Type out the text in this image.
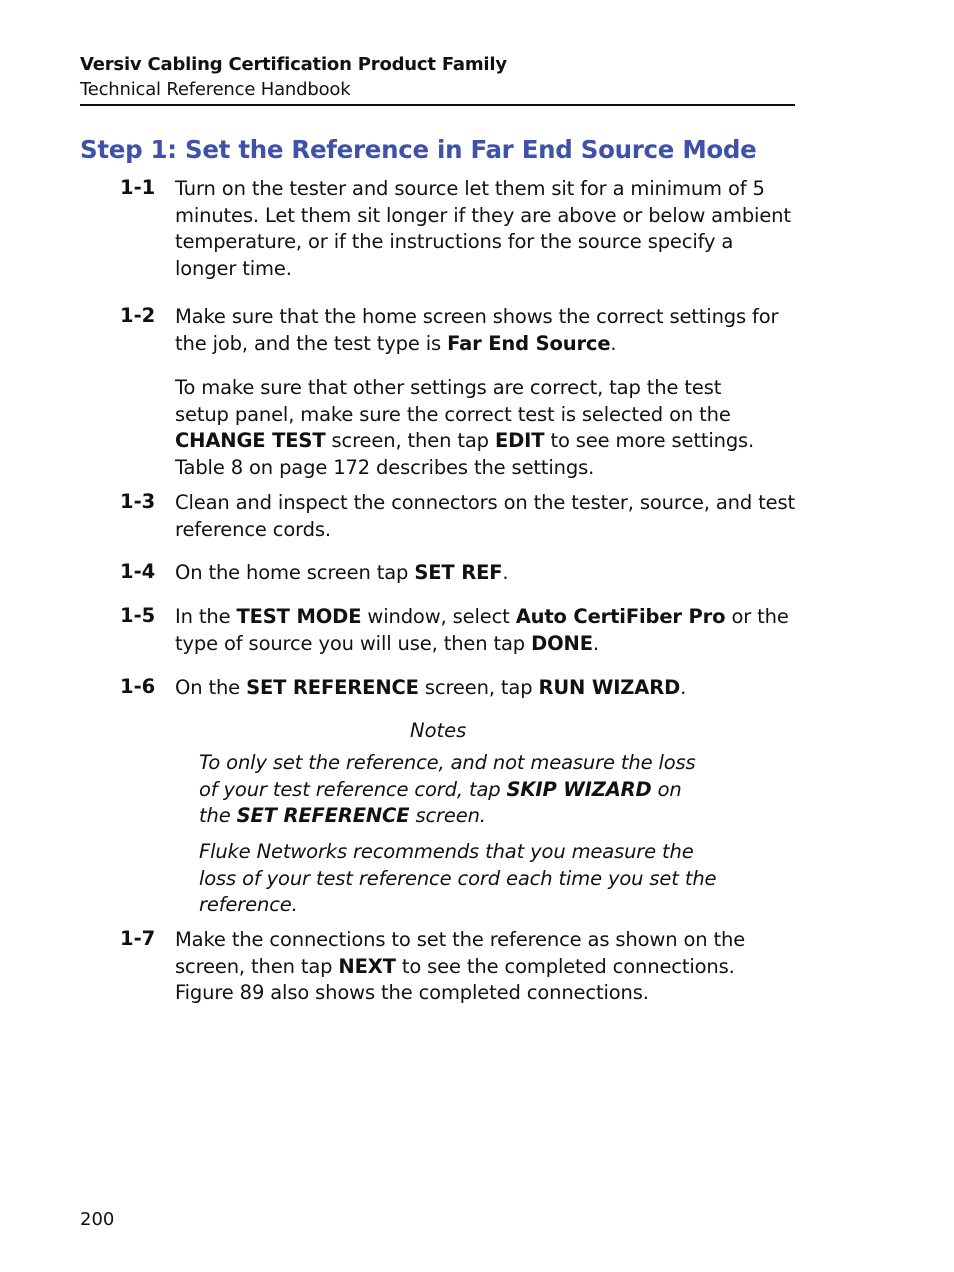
Versiv Cabling Certification Product Family
Technical Reference Handbook
Step 1: Set the Reference in Far End Source Mode
1-1 Turn on the tester and source let them sit for a minimum of 5 minutes. Let them sit longer if they are above or below ambient temperature, or if the instructions for the source specify a longer time.
1-2 Make sure that the home screen shows the correct settings for the job, and the test type is Far End Source.
To make sure that other settings are correct, tap the test setup panel, make sure the correct test is selected on the CHANGE TEST screen, then tap EDIT to see more settings. Table 8 on page 172 describes the settings.
1-3 Clean and inspect the connectors on the tester, source, and test reference cords.
1-4 On the home screen tap SET REF.
1-5 In the TEST MODE window, select Auto CertiFiber Pro or the type of source you will use, then tap DONE.
1-6 On the SET REFERENCE screen, tap RUN WIZARD.
Notes
To only set the reference, and not measure the loss of your test reference cord, tap SKIP WIZARD on the SET REFERENCE screen.
Fluke Networks recommends that you measure the loss of your test reference cord each time you set the reference.
1-7 Make the connections to set the reference as shown on the screen, then tap NEXT to see the completed connections. Figure 89 also shows the completed connections.
200
